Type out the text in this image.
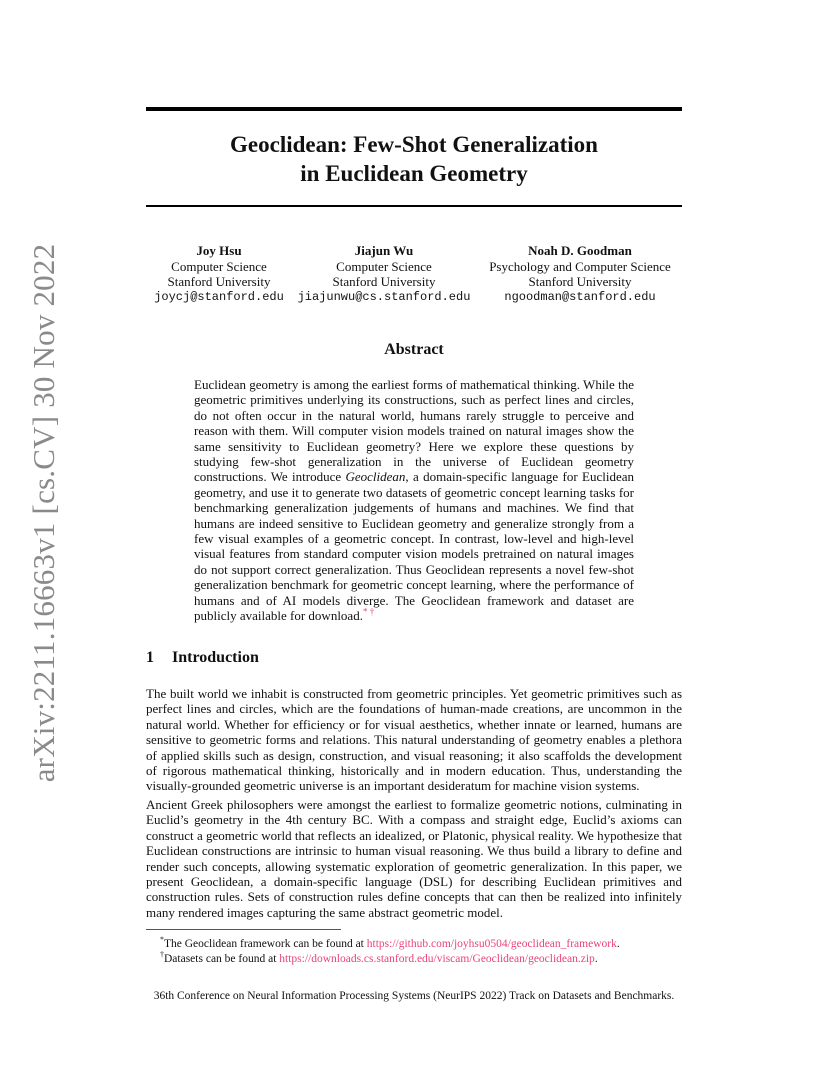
arXiv:2211.16663v1 [cs.CV] 30 Nov 2022
Geoclidean: Few-Shot Generalization
in Euclidean Geometry
Joy Hsu
Computer Science
Stanford University
joycj@stanford.edu
Jiajun Wu
Computer Science
Stanford University
jiajunwu@cs.stanford.edu
Noah D. Goodman
Psychology and Computer Science
Stanford University
ngoodman@stanford.edu
Abstract
Euclidean geometry is among the earliest forms of mathematical thinking. While the geometric primitives underlying its constructions, such as perfect lines and circles, do not often occur in the natural world, humans rarely struggle to perceive and reason with them. Will computer vision models trained on natural images show the same sensitivity to Euclidean geometry? Here we explore these questions by studying few-shot generalization in the universe of Euclidean geometry constructions. We introduce Geoclidean, a domain-specific language for Euclidean geometry, and use it to generate two datasets of geometric concept learning tasks for benchmarking generalization judgements of humans and machines. We find that humans are indeed sensitive to Euclidean geometry and generalize strongly from a few visual examples of a geometric concept. In contrast, low-level and high-level visual features from standard computer vision models pretrained on natural images do not support correct generalization. Thus Geoclidean represents a novel few-shot generalization benchmark for geometric concept learning, where the performance of humans and of AI models diverge. The Geoclidean framework and dataset are publicly available for download.* †
1 Introduction

The built world we inhabit is constructed from geometric principles. Yet geometric primitives such as perfect lines and circles, which are the foundations of human-made creations, are uncommon in the natural world. Whether for efficiency or for visual aesthetics, whether innate or learned, humans are sensitive to geometric forms and relations. This natural understanding of geometry enables a plethora of applied skills such as design, construction, and visual reasoning; it also scaffolds the development of rigorous mathematical thinking, historically and in modern education. Thus, understanding the visually-grounded geometric universe is an important desideratum for machine vision systems.

Ancient Greek philosophers were amongst the earliest to formalize geometric notions, culminating in Euclid’s geometry in the 4th century BC. With a compass and straight edge, Euclid’s axioms can construct a geometric world that reflects an idealized, or Platonic, physical reality. We hypothesize that Euclidean constructions are intrinsic to human visual reasoning. We thus build a library to define and render such concepts, allowing systematic exploration of geometric generalization. In this paper, we present Geoclidean, a domain-specific language (DSL) for describing Euclidean primitives and construction rules. Sets of construction rules define concepts that can then be realized into infinitely many rendered images capturing the same abstract geometric model.

*The Geoclidean framework can be found at https://github.com/joyhsu0504/geoclidean_framework.
†Datasets can be found at https://downloads.cs.stanford.edu/viscam/Geoclidean/geoclidean.zip.
36th Conference on Neural Information Processing Systems (NeurIPS 2022) Track on Datasets and Benchmarks.
